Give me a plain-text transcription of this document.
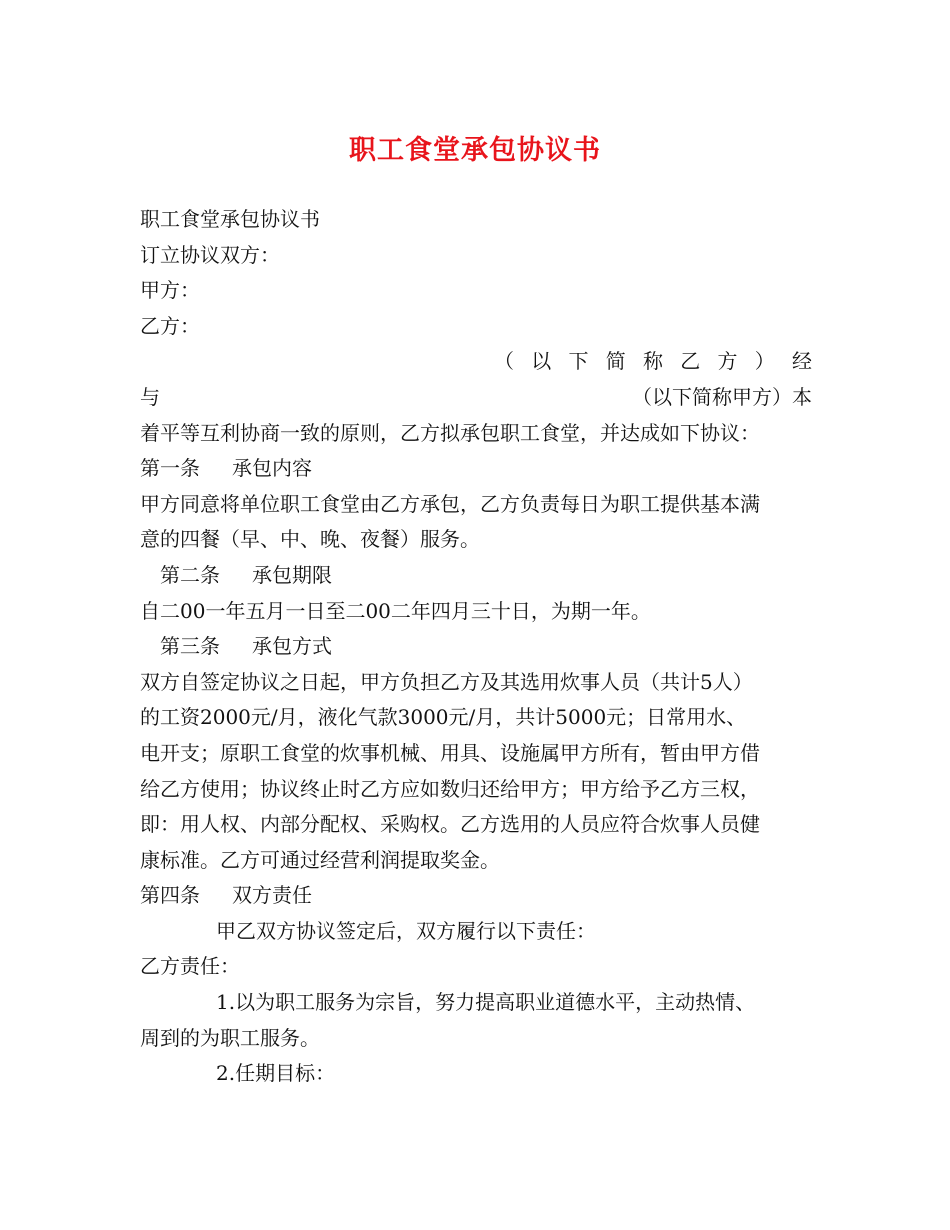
职工食堂承包协议书
职工食堂承包协议书
订立协议双方：
甲方：
乙方：
（ 以 下 简 称 乙 方 ） 经
与	（以下简称甲方）本
着平等互利协商一致的原则，乙方拟承包职工食堂，并达成如下协议：
第一条 承包内容
甲方同意将单位职工食堂由乙方承包，乙方负责每日为职工提供基本满
意的四餐（早、中、晚、夜餐）服务。
第二条 承包期限
自二00一年五月一日至二00二年四月三十日，为期一年。
第三条 承包方式
双方自签定协议之日起，甲方负担乙方及其选用炊事人员（共计5人）
的工资2000元/月，液化气款3000元/月，共计5000元；日常用水、
电开支；原职工食堂的炊事机械、用具、设施属甲方所有，暂由甲方借
给乙方使用；协议终止时乙方应如数归还给甲方；甲方给予乙方三权，
即：用人权、内部分配权、采购权。乙方选用的人员应符合炊事人员健
康标准。乙方可通过经营利润提取奖金。
第四条 双方责任
甲乙双方协议签定后，双方履行以下责任：
乙方责任：
1.以为职工服务为宗旨，努力提高职业道德水平，主动热情、
周到的为职工服务。
2.任期目标：
